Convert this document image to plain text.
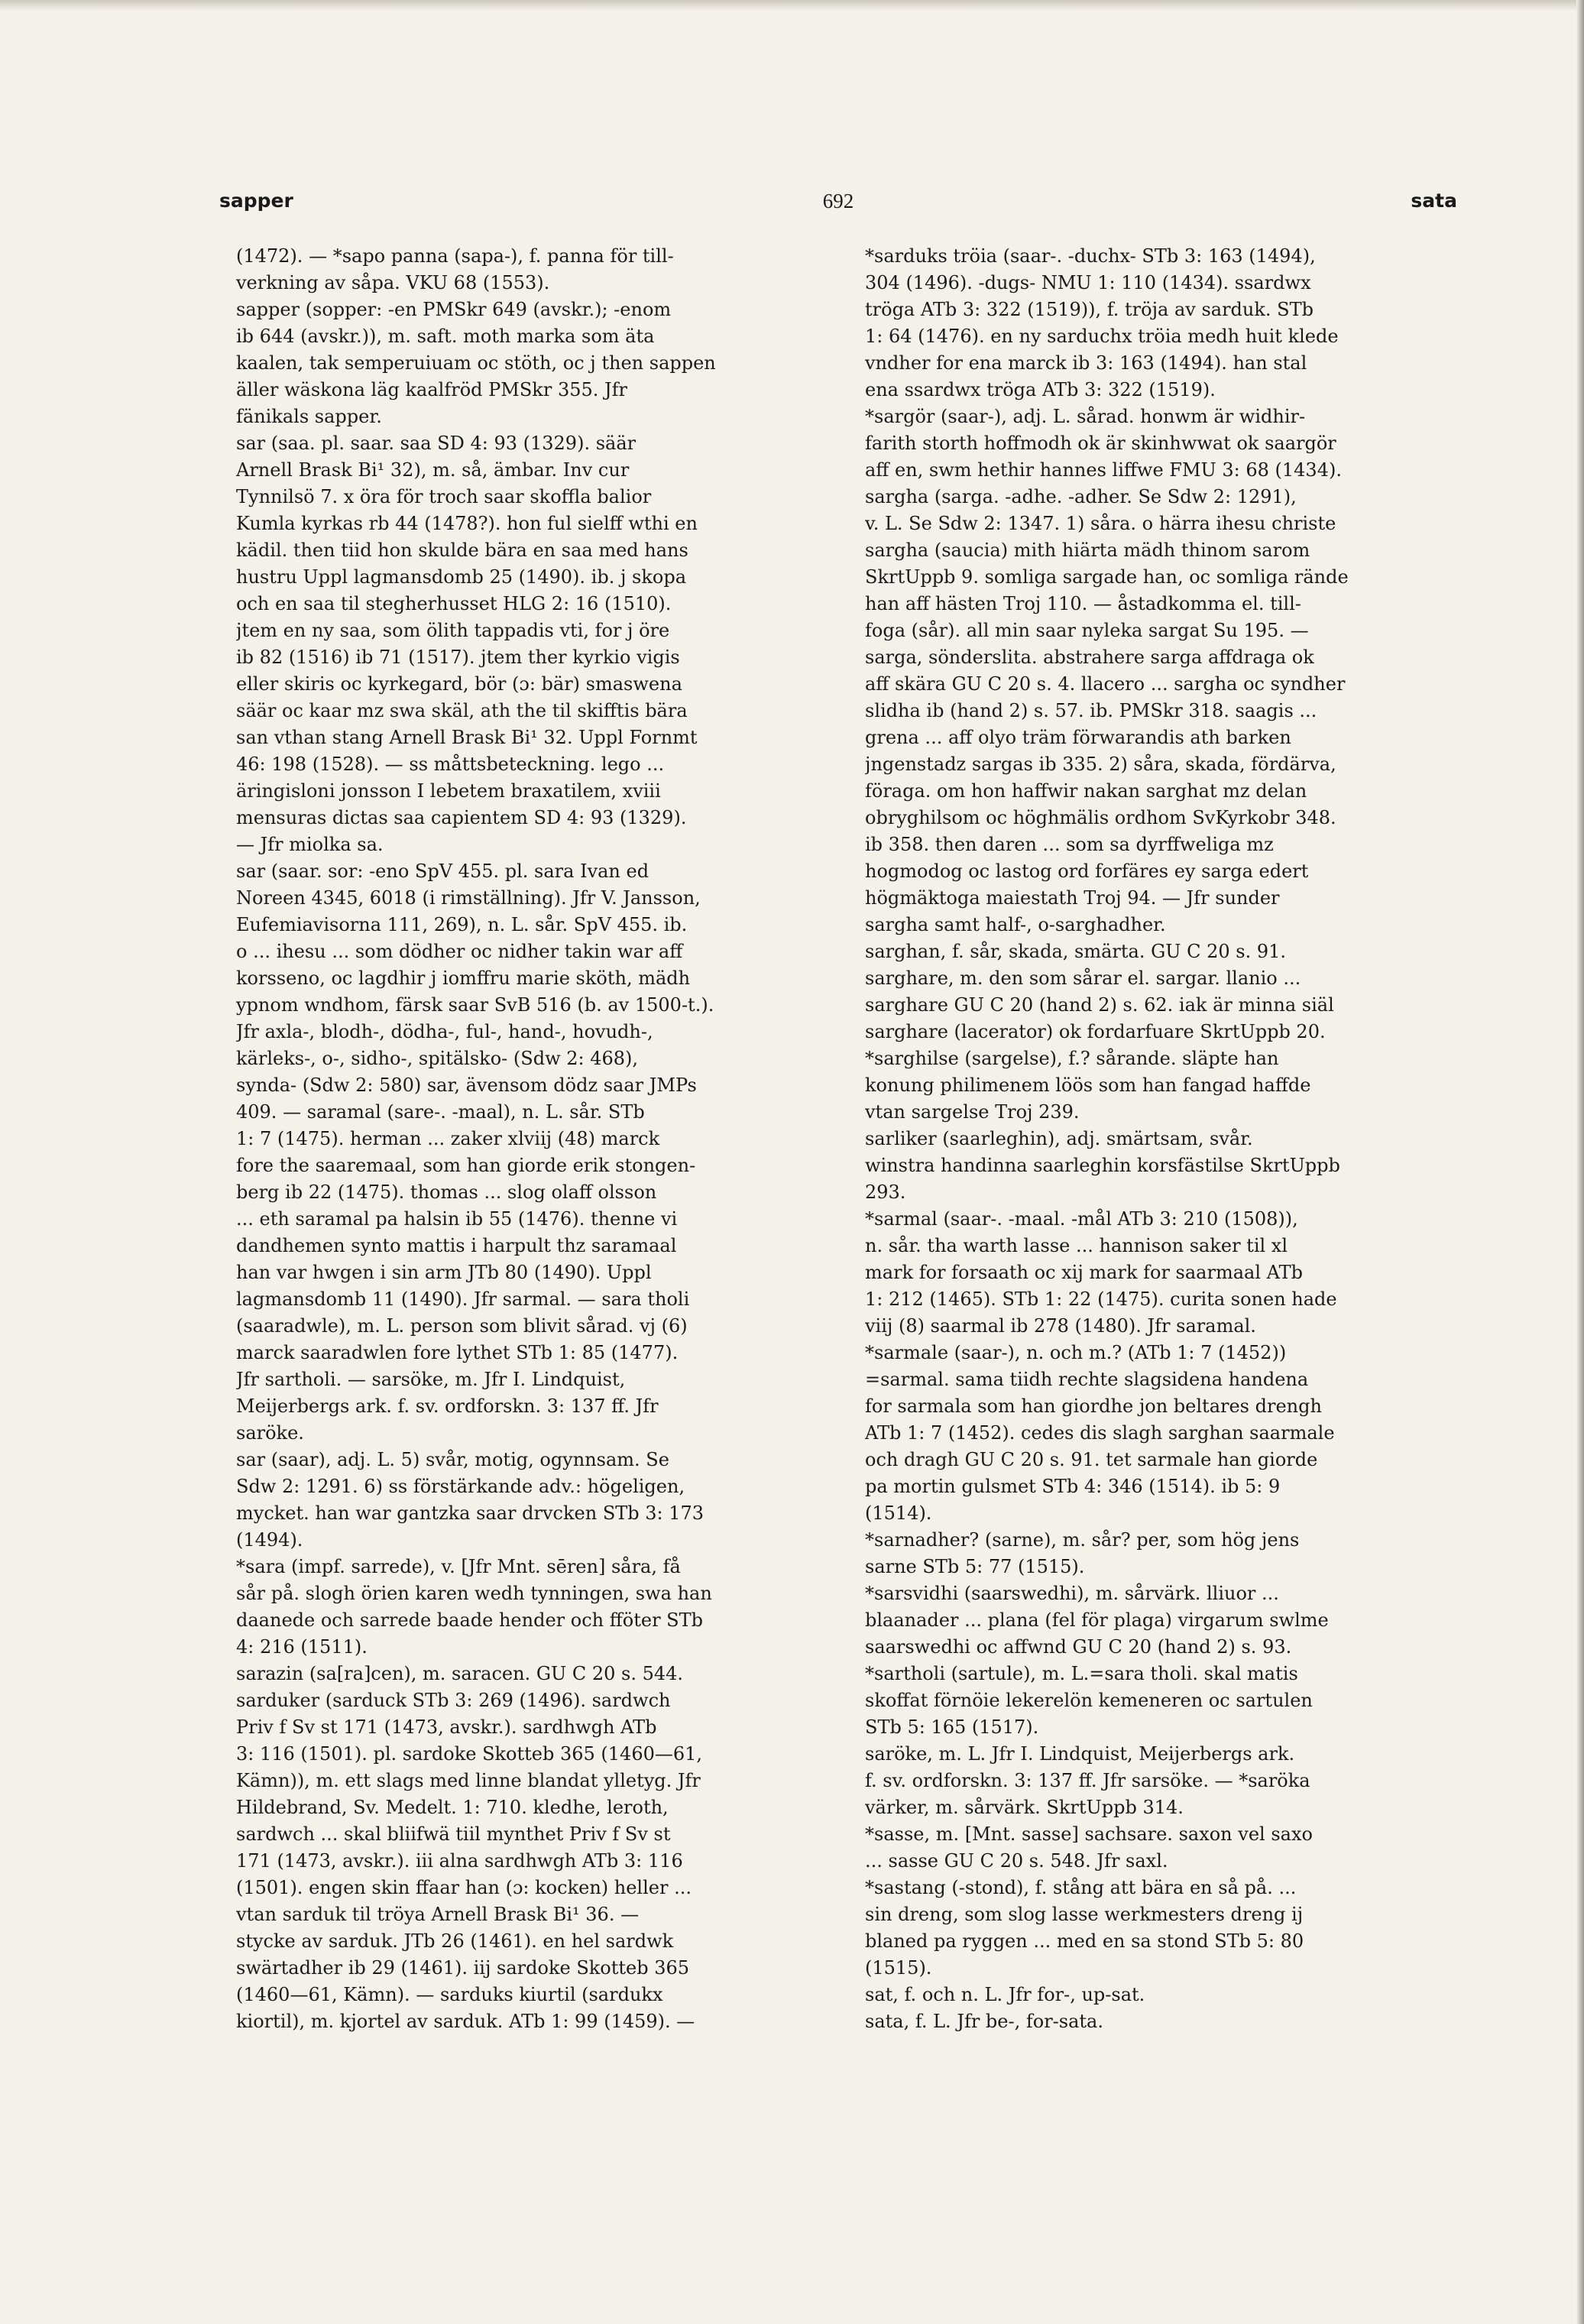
692
sapper	sata
(1472). — *sapo panna (sapa-), f. panna för till-
verkning av såpa. VKU 68 (1553).
sapper (sopper: -en PMSkr 649 (avskr.); -enom
ib 644 (avskr.)), m. saft. moth marka som äta
kaalen, tak semperuiuam oc stöth, oc j then sappen
äller wäskona läg kaalfröd PMSkr 355. Jfr
fänikals sapper.
sar (saa. pl. saar. saa SD 4: 93 (1329). säär
Arnell Brask Bi¹ 32), m. så, ämbar. Inv cur
Tynnilsö 7. x öra för troch saar skoffla balior
Kumla kyrkas rb 44 (1478?). hon ful sielff wthi en
kädil. then tiid hon skulde bära en saa med hans
hustru Uppl lagmansdomb 25 (1490). ib. j skopa
och en saa til stegherhusset HLG 2: 16 (1510).
jtem en ny saa, som ölith tappadis vti, for j öre
ib 82 (1516) ib 71 (1517). jtem ther kyrkio vigis
eller skiris oc kyrkegard, bör (ɔ: bär) smaswena
säär oc kaar mz swa skäl, ath the til skifftis bära
san vthan stang Arnell Brask Bi¹ 32. Uppl Fornmt
46: 198 (1528). — ss måttsbeteckning. lego ...
äringisloni jonsson I lebetem braxatilem, xviii
mensuras dictas saa capientem SD 4: 93 (1329).
— Jfr miolka sa.
sar (saar. sor: -eno SpV 455. pl. sara Ivan ed
Noreen 4345, 6018 (i rimställning). Jfr V. Jansson,
Eufemiavisorna 111, 269), n. L. sår. SpV 455. ib.
o ... ihesu ... som dödher oc nidher takin war aff
korsseno, oc lagdhir j iomffru marie sköth, mädh
ypnom wndhom, färsk saar SvB 516 (b. av 1500-t.).
Jfr axla-, blodh-, dödha-, ful-, hand-, hovudh-,
kärleks-, o-, sidho-, spitälsko- (Sdw 2: 468),
synda- (Sdw 2: 580) sar, ävensom dödz saar JMPs
409. — saramal (sare-. -maal), n. L. sår. STb
1: 7 (1475). herman ... zaker xlviij (48) marck
fore the saaremaal, som han giorde erik stongen-
berg ib 22 (1475). thomas ... slog olaff olsson
... eth saramal pa halsin ib 55 (1476). thenne vi
dandhemen synto mattis i harpult thz saramaal
han var hwgen i sin arm JTb 80 (1490). Uppl
lagmansdomb 11 (1490). Jfr sarmal. — sara tholi
(saaradwle), m. L. person som blivit sårad. vj (6)
marck saaradwlen fore lythet STb 1: 85 (1477).
Jfr sartholi. — sarsöke, m. Jfr I. Lindquist,
Meijerbergs ark. f. sv. ordforskn. 3: 137 ff. Jfr
saröke.
sar (saar), adj. L. 5) svår, motig, ogynnsam. Se
Sdw 2: 1291. 6) ss förstärkande adv.: högeligen,
mycket. han war gantzka saar drvcken STb 3: 173
(1494).
*sara (impf. sarrede), v. [Jfr Mnt. sēren] såra, få
sår på. slogh örien karen wedh tynningen, swa han
daanede och sarrede baade hender och fföter STb
4: 216 (1511).
sarazin (sa[ra]cen), m. saracen. GU C 20 s. 544.
sarduker (sarduck STb 3: 269 (1496). sardwch
Priv f Sv st 171 (1473, avskr.). sardhwgh ATb
3: 116 (1501). pl. sardoke Skotteb 365 (1460—61,
Kämn)), m. ett slags med linne blandat ylletyg. Jfr
Hildebrand, Sv. Medelt. 1: 710. kledhe, leroth,
sardwch ... skal bliifwä tiil mynthet Priv f Sv st
171 (1473, avskr.). iii alna sardhwgh ATb 3: 116
(1501). engen skin ffaar han (ɔ: kocken) heller ...
vtan sarduk til tröya Arnell Brask Bi¹ 36. —
stycke av sarduk. JTb 26 (1461). en hel sardwk
swärtadher ib 29 (1461). iij sardoke Skotteb 365
(1460—61, Kämn). — sarduks kiurtil (sardukx
kiortil), m. kjortel av sarduk. ATb 1: 99 (1459). —
*sarduks tröia (saar-. -duchx- STb 3: 163 (1494),
304 (1496). -dugs- NMU 1: 110 (1434). ssardwx
tröga ATb 3: 322 (1519)), f. tröja av sarduk. STb
1: 64 (1476). en ny sarduchx tröia medh huit klede
vndher for ena marck ib 3: 163 (1494). han stal
ena ssardwx tröga ATb 3: 322 (1519).
*sargör (saar-), adj. L. sårad. honwm är widhir-
farith storth hoffmodh ok är skinhwwat ok saargör
aff en, swm hethir hannes liffwe FMU 3: 68 (1434).
sargha (sarga. -adhe. -adher. Se Sdw 2: 1291),
v. L. Se Sdw 2: 1347. 1) såra. o härra ihesu christe
sargha (saucia) mith hiärta mädh thinom sarom
SkrtUppb 9. somliga sargade han, oc somliga rände
han aff hästen Troj 110. — åstadkomma el. till-
foga (sår). all min saar nyleka sargat Su 195. —
sarga, sönderslita. abstrahere sarga affdraga ok
aff skära GU C 20 s. 4. llacero ... sargha oc syndher
slidha ib (hand 2) s. 57. ib. PMSkr 318. saagis ...
grena ... aff olyo träm förwarandis ath barken
jngenstadz sargas ib 335. 2) såra, skada, fördärva,
föraga. om hon haffwir nakan sarghat mz delan
obryghilsom oc höghmälis ordhom SvKyrkobr 348.
ib 358. then daren ... som sa dyrffweliga mz
hogmodog oc lastog ord forfäres ey sarga edert
högmäktoga maiestath Troj 94. — Jfr sunder
sargha samt half-, o-sarghadher.
sarghan, f. sår, skada, smärta. GU C 20 s. 91.
sarghare, m. den som sårar el. sargar. llanio ...
sarghare GU C 20 (hand 2) s. 62. iak är minna siäl
sarghare (lacerator) ok fordarfuare SkrtUppb 20.
*sarghilse (sargelse), f.? sårande. släpte han
konung philimenem löös som han fangad haffde
vtan sargelse Troj 239.
sarliker (saarleghin), adj. smärtsam, svår.
winstra handinna saarleghin korsfästilse SkrtUppb
293.
*sarmal (saar-. -maal. -mål ATb 3: 210 (1508)),
n. sår. tha warth lasse ... hannison saker til xl
mark for forsaath oc xij mark for saarmaal ATb
1: 212 (1465). STb 1: 22 (1475). curita sonen hade
viij (8) saarmal ib 278 (1480). Jfr saramal.
*sarmale (saar-), n. och m.? (ATb 1: 7 (1452))
=sarmal. sama tiidh rechte slagsidena handena
for sarmala som han giordhe jon beltares drengh
ATb 1: 7 (1452). cedes dis slagh sarghan saarmale
och dragh GU C 20 s. 91. tet sarmale han giorde
pa mortin gulsmet STb 4: 346 (1514). ib 5: 9
(1514).
*sarnadher? (sarne), m. sår? per, som hög jens
sarne STb 5: 77 (1515).
*sarsvidhi (saarswedhi), m. sårvärk. lliuor ...
blaanader ... plana (fel för plaga) virgarum swlme
saarswedhi oc affwnd GU C 20 (hand 2) s. 93.
*sartholi (sartule), m. L.=sara tholi. skal matis
skoffat förnöie lekerelön kemeneren oc sartulen
STb 5: 165 (1517).
saröke, m. L. Jfr I. Lindquist, Meijerbergs ark.
f. sv. ordforskn. 3: 137 ff. Jfr sarsöke. — *saröka
värker, m. sårvärk. SkrtUppb 314.
*sasse, m. [Mnt. sasse] sachsare. saxon vel saxo
... sasse GU C 20 s. 548. Jfr saxl.
*sastang (-stond), f. stång att bära en så på. ...
sin dreng, som slog lasse werkmesters dreng ij
blaned pa ryggen ... med en sa stond STb 5: 80
(1515).
sat, f. och n. L. Jfr for-, up-sat.
sata, f. L. Jfr be-, for-sata.
